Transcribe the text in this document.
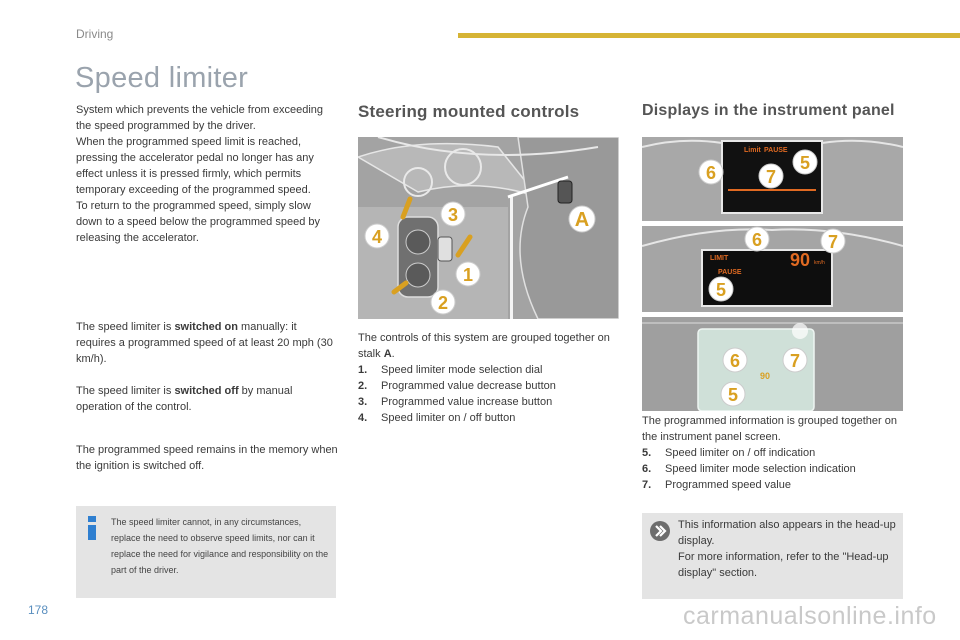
Driving
Speed limiter

System which prevents the vehicle from exceeding the speed programmed by the driver.

When the programmed speed limit is reached, pressing the accelerator pedal no longer has any effect unless it is pressed firmly, which permits temporary exceeding of the programmed speed.

To return to the programmed speed, simply slow down to a speed below the programmed speed by releasing the accelerator.

The speed limiter is switched on manually: it requires a programmed speed of at least 20 mph (30 km/h).
The speed limiter is switched off by manual operation of the control.
The programmed speed remains in the memory when the ignition is switched off.
The speed limiter cannot, in any circumstances, replace the need to observe speed limits, nor can it replace the need for vigilance and responsibility on the part of the driver.
Steering mounted controls
A
1
2
3
4
The controls of this system are grouped together on stalk A.
1. Speed limiter mode selection dial
2. Programmed value decrease button
3. Programmed value increase button
4. Speed limiter on / off button
Displays in the instrument panel
Limit PAUSE
6	7
5
LIMIT
PAUSE
90 km/h
6	7
5
90
6	7
5
The programmed information is grouped together on the instrument panel screen.
5. Speed limiter on / off indication
6. Speed limiter mode selection indication
7. Programmed speed value

This information also appears in the head-up display.

For more information, refer to the "Head-up display" section.

178	carmanualsonline.info
